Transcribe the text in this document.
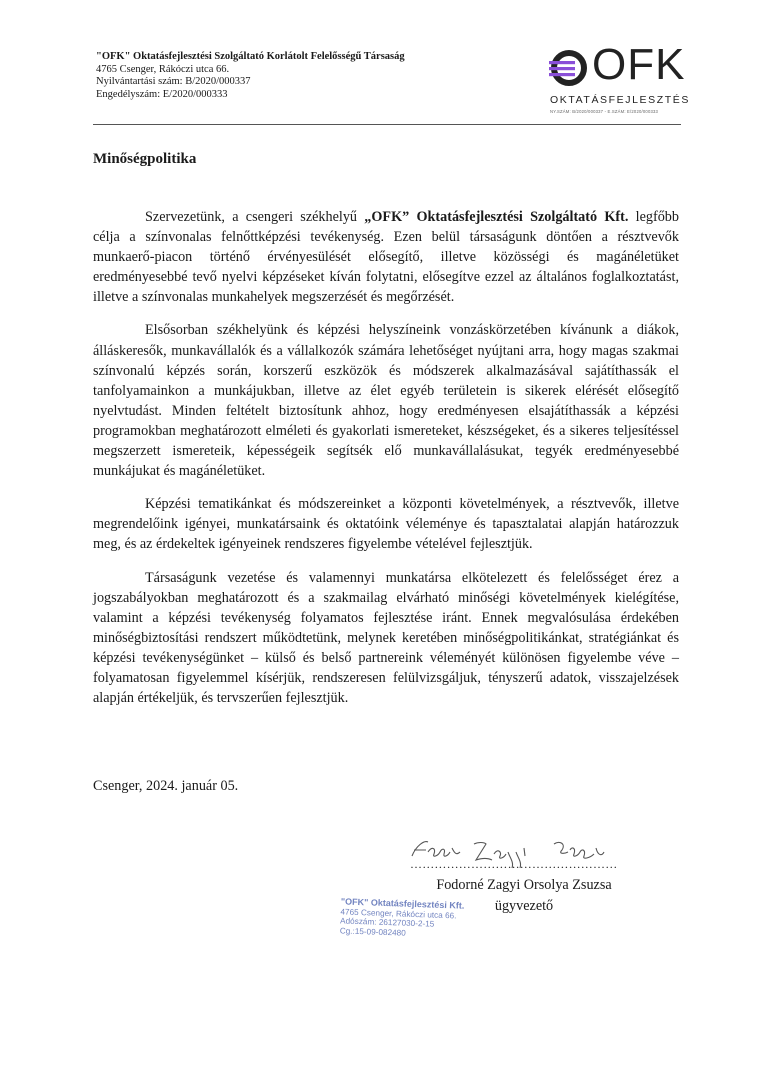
"OFK" Oktatásfejlesztési Szolgáltató Korlátolt Felelősségű Társaság
4765 Csenger, Rákóczi utca 66.
Nyilvántartási szám: B/2020/000337
Engedélyszám: E/2020/000333
OFK
OKTATÁSFEJLESZTÉS
NY.SZÁM: B/2020/000337 - E.SZÁM: E/2020/000333
Minőségpolitika

Szervezetünk, a csengeri székhelyű „OFK” Oktatásfejlesztési Szolgáltató Kft. legfőbb célja a színvonalas felnőttképzési tevékenység. Ezen belül társaságunk döntően a résztvevők munkaerő-piacon történő érvényesülését elősegítő, illetve közösségi és magánéletüket eredményesebbé tevő nyelvi képzéseket kíván folytatni, elősegítve ezzel az általános foglalkoztatást, illetve a színvonalas munkahelyek megszerzését és megőrzését.

Elsősorban székhelyünk és képzési helyszíneink vonzáskörzetében kívánunk a diákok, álláskeresők, munkavállalók és a vállalkozók számára lehetőséget nyújtani arra, hogy magas szakmai színvonalú képzés során, korszerű eszközök és módszerek alkalmazásával sajátíthassák el tanfolyamainkon a munkájukban, illetve az élet egyéb területein is sikerek elérését elősegítő nyelvtudást. Minden feltételt biztosítunk ahhoz, hogy eredményesen elsajátíthassák a képzési programokban meghatározott elméleti és gyakorlati ismereteket, készségeket, és a sikeres teljesítéssel megszerzett ismereteik, képességeik segítsék elő munkavállalásukat, tegyék eredményesebbé munkájukat és magánéletüket.

Képzési tematikánkat és módszereinket a központi követelmények, a résztvevők, illetve megrendelőink igényei, munkatársaink és oktatóink véleménye és tapasztalatai alapján határozzuk meg, és az érdekeltek igényeinek rendszeres figyelembe vételével fejlesztjük.

Társaságunk vezetése és valamennyi munkatársa elkötelezett és felelősséget érez a jogszabályokban meghatározott és a szakmailag elvárható minőségi követelmények kielégítése, valamint a képzési tevékenység folyamatos fejlesztése iránt. Ennek megvalósulása érdekében minőségbiztosítási rendszert működtetünk, melynek keretében minőségpolitikánkat, stratégiánkat és képzési tevékenységünket – külső és belső partnereink véleményét különösen figyelembe véve – folyamatosan figyelemmel kísérjük, rendszeresen felülvizsgáljuk, tényszerű adatok, visszajelzések alapján értékeljük, és tervszerűen fejlesztjük.

Csenger, 2024. január 05.
……………………………………………
Fodorné Zagyi Orsolya Zsuzsa
ügyvezető
"OFK" Oktatásfejlesztési Kft.
4765 Csenger, Rákóczi utca 66.
Adószám: 26127030-2-15
Cg.:15-09-082480
